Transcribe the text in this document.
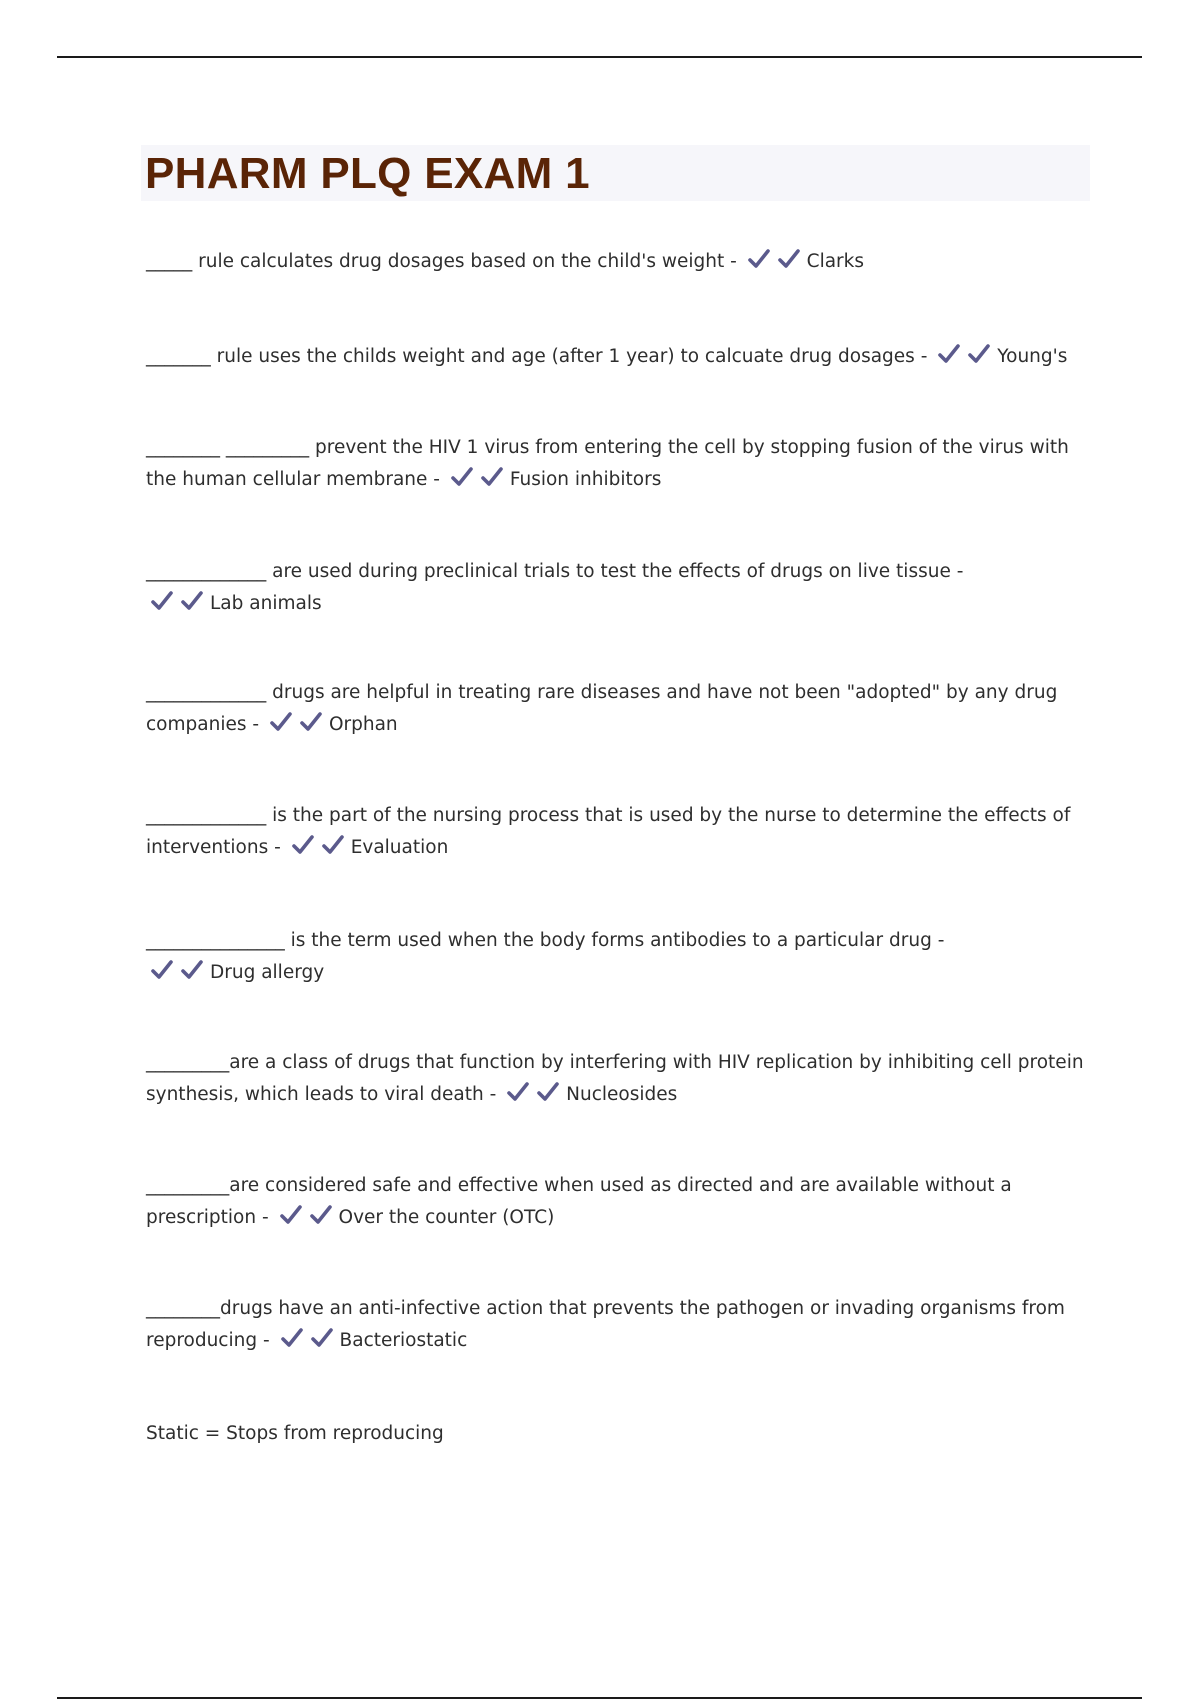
PHARM PLQ EXAM 1

_____ rule calculates drug dosages based on the child's weight -	Clarks

_______ rule uses the childs weight and age (after 1 year) to calcuate drug dosages -	Young's

________ _________ prevent the HIV 1 virus from entering the cell by stopping fusion of the virus with the human cellular membrane -	Fusion inhibitors

_____________ are used during preclinical trials to test the effects of drugs on live tissue -
Lab animals

_____________ drugs are helpful in treating rare diseases and have not been "adopted" by any drug companies -	Orphan

_____________ is the part of the nursing process that is used by the nurse to determine the effects of interventions -	Evaluation

_______________ is the term used when the body forms antibodies to a particular drug -
Drug allergy

_________are a class of drugs that function by interfering with HIV replication by inhibiting cell protein synthesis, which leads to viral death -	Nucleosides

_________are considered safe and effective when used as directed and are available without a prescription -	Over the counter (OTC)

________drugs have an anti-infective action that prevents the pathogen or invading organisms from reproducing -	Bacteriostatic

Static = Stops from reproducing
